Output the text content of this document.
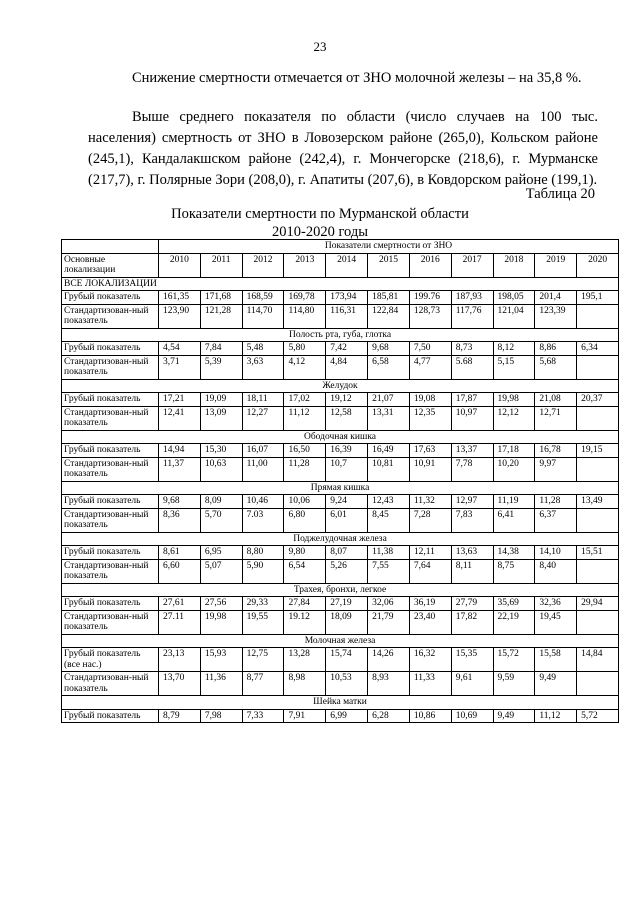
23
Снижение смертности отмечается от ЗНО молочной железы – на 35,8 %.
Выше среднего показателя по области (число случаев на 100 тыс. населения) смертность от ЗНО в Ловозерском районе (265,0), Кольском районе (245,1), Кандалакшском районе (242,4), г. Мончегорске (218,6), г. Мурманске (217,7), г. Полярные Зори (208,0), г. Апатиты (207,6), в Ковдорском районе (199,1).
Таблица 20
Показатели смертности по Мурманской области
2010-2020 годы
	Показатели смертности от ЗНО										
Основные локализации	2010	2011	2012	2013	2014	2015	2016	2017	2018	2019	2020
ВСЕ ЛОКАЛИЗАЦИИ											
Грубый показатель	161,35	171,68	168,59	169,78	173,94	185,81	199.76	187,93	198,05	201,4	195,1
Стандартизован-ный показатель	123,90	121,28	114,70	114,80	116,31	122,84	128,73	117,76	121,04	123,39	
Полость рта, губа, глотка											
Грубый показатель	4,54	7,84	5,48	5,80	7,42	9,68	7,50	8,73	8,12	8,86	6,34
Стандартизован-ный показатель	3,71	5,39	3,63	4,12	4,84	6,58	4,77	5.68	5,15	5,68	
Желудок											
Грубый показатель	17,21	19,09	18,11	17,02	19,12	21,07	19,08	17,87	19,98	21,08	20,37
Стандартизован-ный показатель	12,41	13,09	12,27	11,12	12,58	13,31	12,35	10,97	12,12	12,71	
Ободочная кишка											
Грубый показатель	14,94	15,30	16,07	16,50	16,39	16,49	17,63	13,37	17,18	16,78	19,15
Стандартизован-ный показатель	11,37	10,63	11,00	11,28	10,7	10,81	10,91	7,78	10,20	9,97	
Прямая кишка											
Грубый показатель	9,68	8,09	10,46	10,06	9,24	12,43	11,32	12,97	11,19	11,28	13,49
Стандартизован-ный показатель	8,36	5,70	7.03	6,80	6,01	8,45	7,28	7,83	6,41	6,37	
Поджелудочная железа											
Грубый показатель	8,61	6,95	8,80	9,80	8,07	11,38	12,11	13,63	14,38	14,10	15,51
Стандартизован-ный показатель	6,60	5,07	5,90	6,54	5,26	7,55	7,64	8,11	8,75	8,40	
Трахея, бронхи, легкое											
Грубый показатель	27,61	27,56	29,33	27,84	27,19	32,06	36,19	27,79	35,69	32,36	29,94
Стандартизован-ный показатель	27.11	19,98	19,55	19.12	18,09	21,79	23,40	17,82	22,19	19,45	
Молочная железа											
Грубый показатель (все нас.)	23,13	15,93	12,75	13,28	15,74	14,26	16,32	15,35	15,72	15,58	14,84
Стандартизован-ный показатель	13,70	11,36	8,77	8,98	10,53	8,93	11,33	9,61	9,59	9,49	
Шейка матки											
Грубый показатель	8,79	7,98	7,33	7,91	6,99	6,28	10,86	10,69	9,49	11,12	5,72
